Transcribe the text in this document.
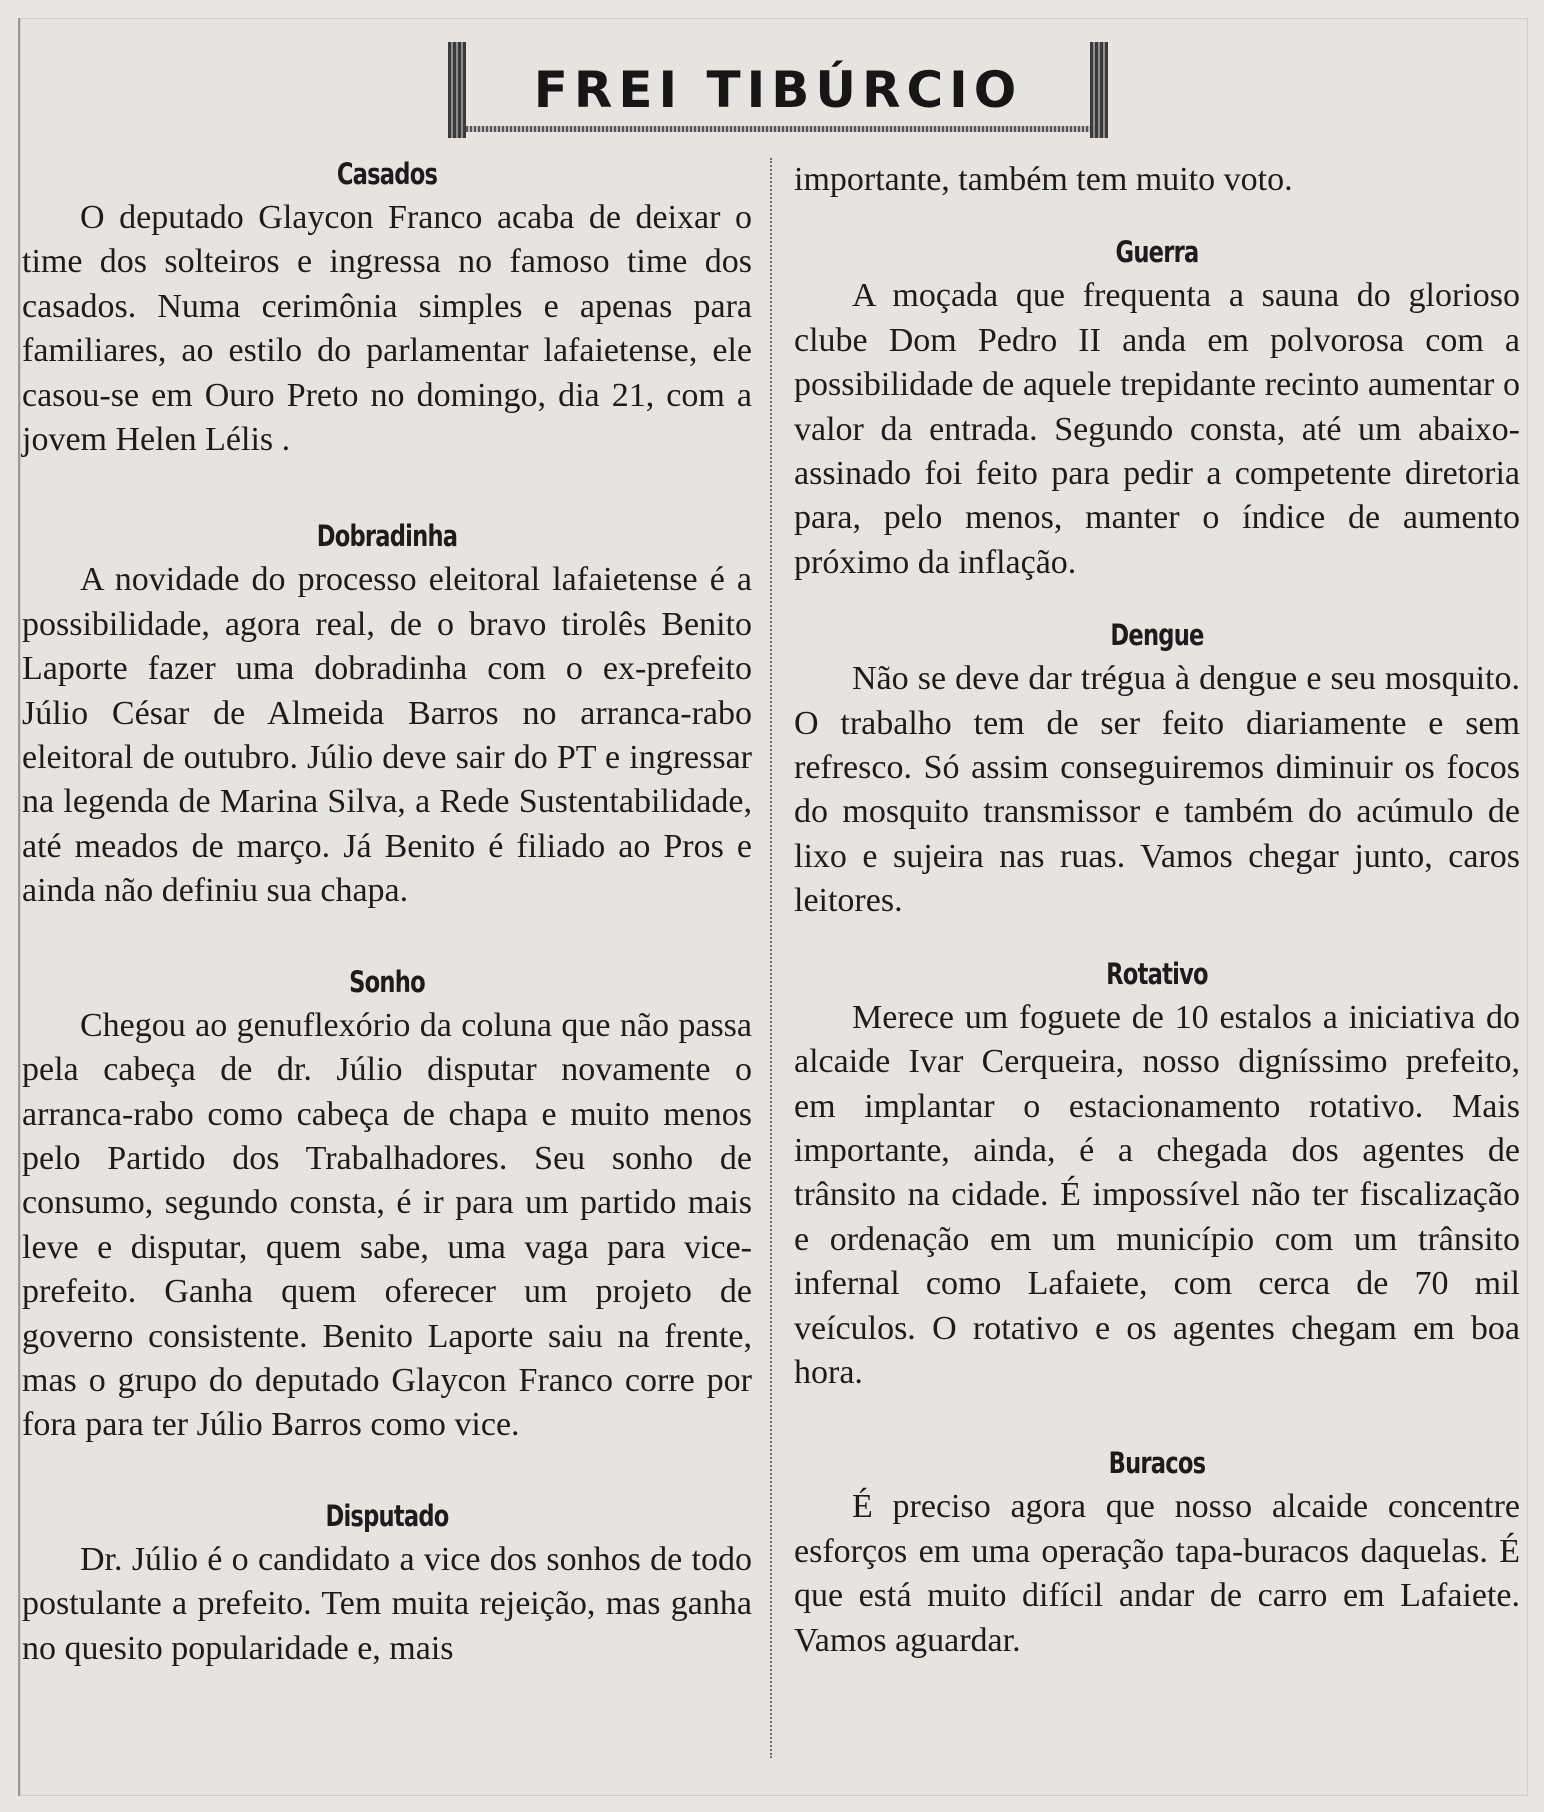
FREI TIBÚRCIO
Casados

O deputado Glaycon Franco acaba de deixar o time dos solteiros e ingressa no famoso time dos casados. Numa cerimônia simples e apenas para familiares, ao estilo do parlamentar lafaietense, ele casou-se em Ouro Preto no domingo, dia 21, com a jovem Helen Lélis .

Dobradinha

A novidade do processo eleitoral lafaietense é a possibilidade, agora real, de o bravo tirolês Benito Laporte fazer uma dobradinha com o ex-prefeito Júlio César de Almeida Barros no arranca-rabo eleitoral de outubro. Júlio deve sair do PT e ingressar na legenda de Marina Silva, a Rede Sustentabilidade, até meados de março. Já Benito é filiado ao Pros e ainda não definiu sua chapa.

Sonho

Chegou ao genuflexório da coluna que não passa pela cabeça de dr. Júlio disputar novamente o arranca-rabo como cabeça de chapa e muito menos pelo Partido dos Trabalhadores. Seu sonho de consumo, segundo consta, é ir para um partido mais leve e disputar, quem sabe, uma vaga para vice-prefeito. Ganha quem oferecer um projeto de governo consistente. Benito Laporte saiu na frente, mas o grupo do deputado Glaycon Franco corre por fora para ter Júlio Barros como vice.

Disputado

Dr. Júlio é o candidato a vice dos sonhos de todo postulante a prefeito. Tem muita rejeição, mas ganha no quesito popularidade e, mais

importante, também tem muito voto.

Guerra

A moçada que frequenta a sauna do glorioso clube Dom Pedro II anda em polvorosa com a possibilidade de aquele trepidante recinto aumentar o valor da entrada. Segundo consta, até um abaixo-assinado foi feito para pedir a competente diretoria para, pelo menos, manter o índice de aumento próximo da inflação.

Dengue

Não se deve dar trégua à dengue e seu mosquito. O trabalho tem de ser feito diariamente e sem refresco. Só assim conseguiremos diminuir os focos do mosquito transmissor e também do acúmulo de lixo e sujeira nas ruas. Vamos chegar junto, caros leitores.

Rotativo

Merece um foguete de 10 estalos a iniciativa do alcaide Ivar Cerqueira, nosso digníssimo prefeito, em implantar o estacionamento rotativo. Mais importante, ainda, é a chegada dos agentes de trânsito na cidade. É impossível não ter fiscalização e ordenação em um município com um trânsito infernal como Lafaiete, com cerca de 70 mil veículos. O rotativo e os agentes chegam em boa hora.

Buracos

É preciso agora que nosso alcaide concentre esforços em uma operação tapa-buracos daquelas. É que está muito difícil andar de carro em Lafaiete. Vamos aguardar.
